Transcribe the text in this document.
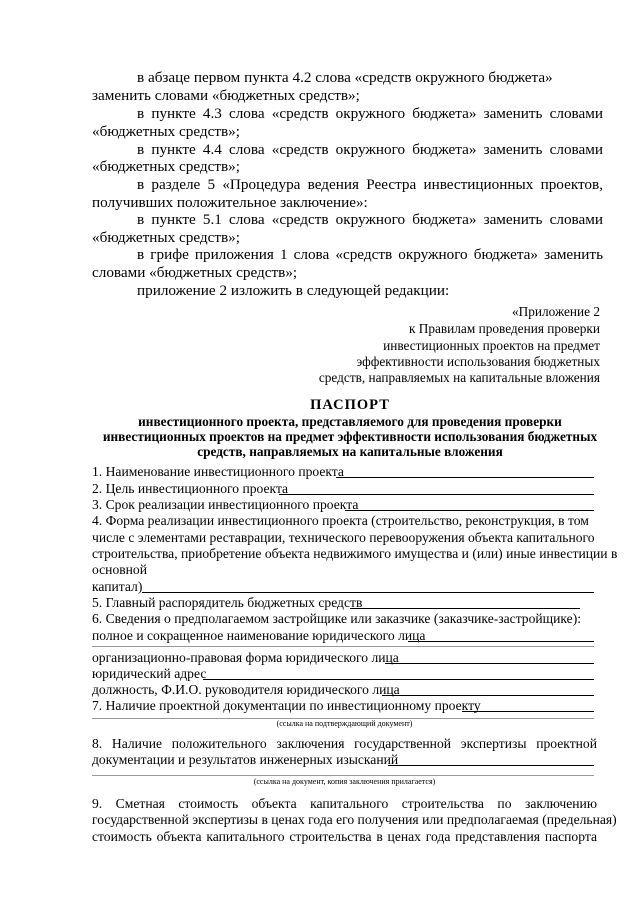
в абзаце первом пункта 4.2 слова «средств окружного бюджета»
заменить словами «бюджетных средств»;
в пункте 4.3 слова «средств окружного бюджета» заменить словами
«бюджетных средств»;
в пункте 4.4 слова «средств окружного бюджета» заменить словами
«бюджетных средств»;
в разделе 5 «Процедура ведения Реестра инвестиционных проектов,
получивших положительное заключение»:
в пункте 5.1 слова «средств окружного бюджета» заменить словами
«бюджетных средств»;
в грифе приложения 1 слова «средств окружного бюджета» заменить
словами «бюджетных средств»;
приложение 2 изложить в следующей редакции:
«Приложение 2
к Правилам проведения проверки
инвестиционных проектов на предмет
эффективности использования бюджетных
средств, направляемых на капитальные вложения
ПАСПОРТ
инвестиционного проекта, представляемого для проведения проверки
инвестиционных проектов на предмет эффективности использования бюджетных
средств, направляемых на капитальные вложения
1. Наименование инвестиционного проекта
2. Цель инвестиционного проекта
3. Срок реализации инвестиционного проекта
4. Форма реализации инвестиционного проекта (строительство, реконструкция, в том
числе с элементами реставрации, технического перевооружения объекта капитального
строительства, приобретение объекта недвижимого имущества и (или) иные инвестиции в
основной
капитал)
5. Главный распорядитель бюджетных средств
6. Сведения о предполагаемом застройщике или заказчике (заказчике-застройщике):
полное и сокращенное наименование юридического лица
организационно-правовая форма юридического лица
юридический адрес
должность, Ф.И.О. руководителя юридического лица
7. Наличие проектной документации по инвестиционному проекту
(ссылка на подтверждающий документ)
8. Наличие положительного заключения государственной экспертизы проектной
документации и результатов инженерных изысканий
(ссылка на документ, копия заключения прилагается)
9. Сметная стоимость объекта капитального строительства по заключению
государственной экспертизы в ценах года его получения или предполагаемая (предельная)
стоимость объекта капитального строительства в ценах года представления паспорта
